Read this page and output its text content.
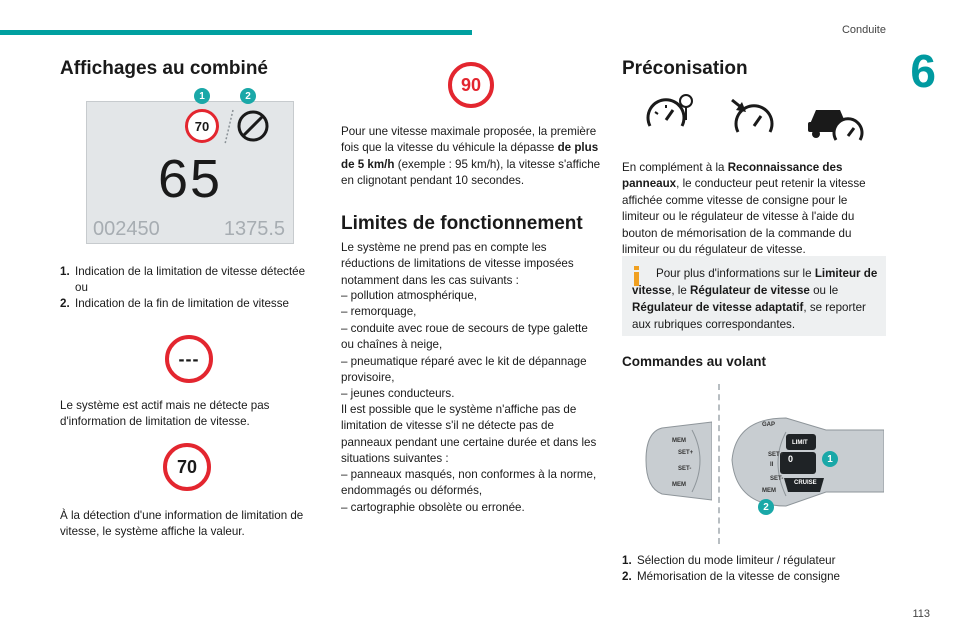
Conduite
6
Affichages au combiné
70
65
002450	1375.5
1	2
1. Indication de la limitation de vitesse détectée
ou
2. Indication de la fin de limitation de vitesse
---

Le système est actif mais ne détecte pas d'information de limitation de vitesse.

70

À la détection d'une information de limitation de vitesse, le système affiche la valeur.

90

Pour une vitesse maximale proposée, la première fois que la vitesse du véhicule la dépasse de plus de 5 km/h (exemple : 95 km/h), la vitesse s'affiche en clignotant pendant 10 secondes.

Limites de fonctionnement

Le système ne prend pas en compte les réductions de limitations de vitesse imposées notamment dans les cas suivants :

– pollution atmosphérique,
– remorquage,
– conduite avec roue de secours de type galette ou chaînes à neige,
– pneumatique réparé avec le kit de dépannage provisoire,
– jeunes conducteurs.

Il est possible que le système n'affiche pas de limitation de vitesse s'il ne détecte pas de panneaux pendant une certaine durée et dans les situations suivantes :

– panneaux masqués, non conformes à la norme, endommagés ou déformés,
– cartographie obsolète ou erronée.
Préconisation

En complément à la Reconnaissance des panneaux, le conducteur peut retenir la vitesse affichée comme vitesse de consigne pour le limiteur ou le régulateur de vitesse à l'aide du bouton de mémorisation de la commande du limiteur ou du régulateur de vitesse.

Pour plus d'informations sur le Limiteur de vitesse, le Régulateur de vitesse ou le Régulateur de vitesse adaptatif, se reporter aux rubriques correspondantes.

Commandes au volant
MEM
SET+
SET-
MEM
GAP
LIMIT
0
II
CRUISE
SET+
SET-
MEM
1
2
1. Sélection du mode limiteur / régulateur
2. Mémorisation de la vitesse de consigne
113
